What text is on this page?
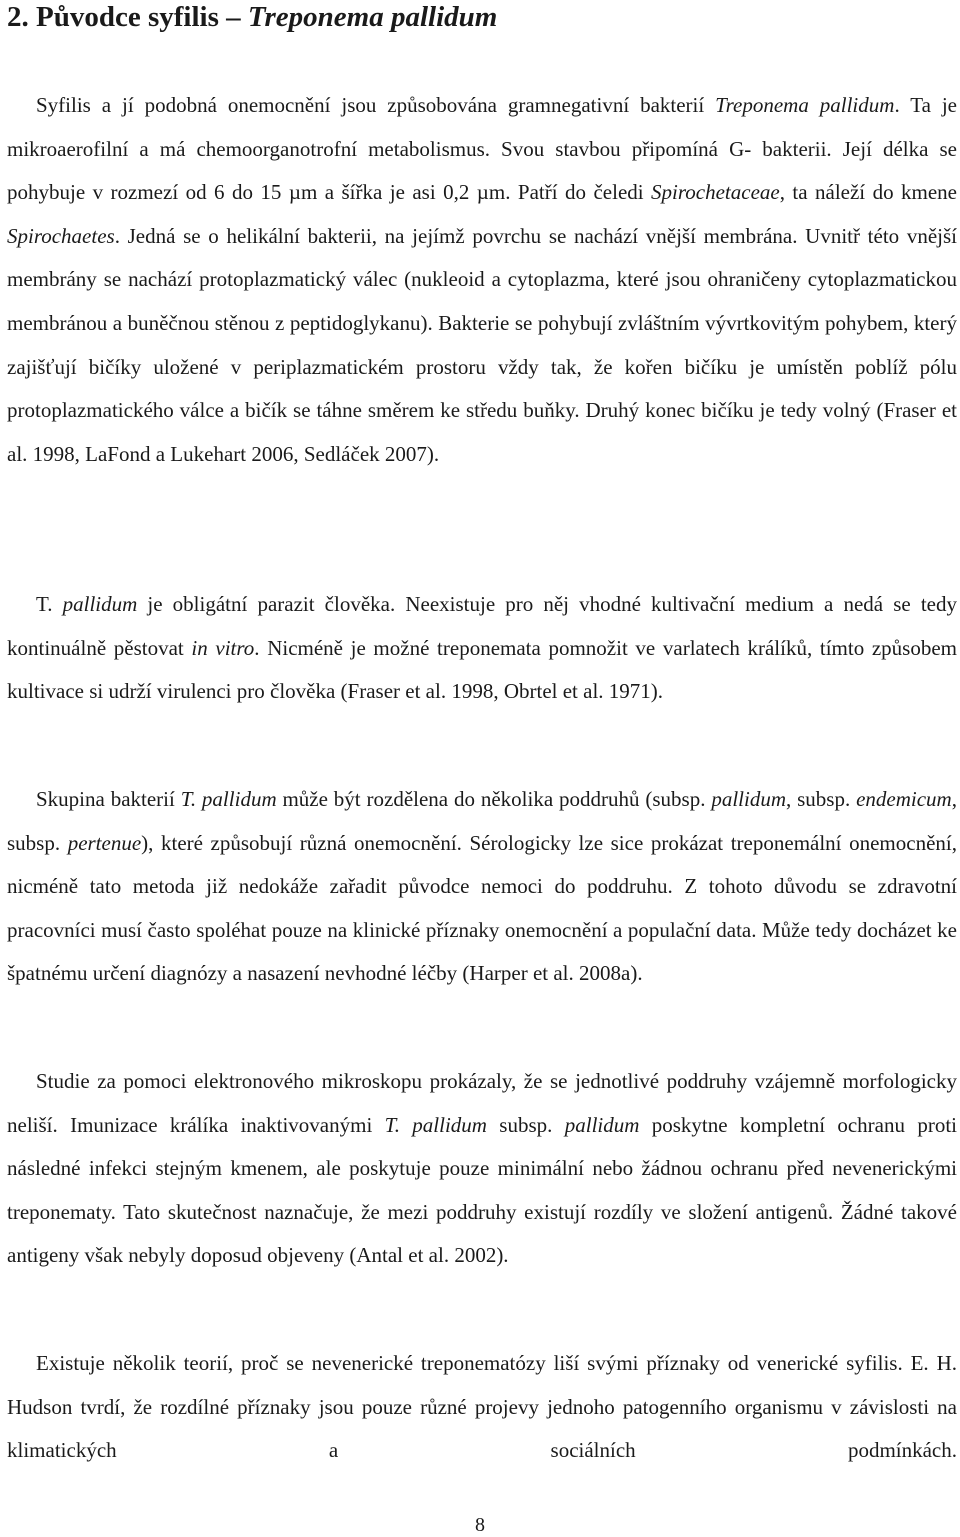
2. Původce syfilis – Treponema pallidum

Syfilis a jí podobná onemocnění jsou způsobována gramnegativní bakterií Treponema pallidum. Ta je mikroaerofilní a má chemoorganotrofní metabolismus. Svou stavbou připomíná G- bakterii. Její délka se pohybuje v rozmezí od 6 do 15 µm a šířka je asi 0,2 µm. Patří do čeledi Spirochetaceae, ta náleží do kmene Spirochaetes. Jedná se o helikální bakterii, na jejímž povrchu se nachází vnější membrána. Uvnitř této vnější membrány se nachází protoplazmatický válec (nukleoid a cytoplazma, které jsou ohraničeny cytoplazmatickou membránou a buněčnou stěnou z peptidoglykanu). Bakterie se pohybují zvláštním vývrtkovitým pohybem, který zajišťují bičíky uložené v periplazmatickém prostoru vždy tak, že kořen bičíku je umístěn poblíž pólu protoplazmatického válce a bičík se táhne směrem ke středu buňky. Druhý konec bičíku je tedy volný (Fraser et al. 1998, LaFond a Lukehart 2006, Sedláček 2007).

T. pallidum je obligátní parazit člověka. Neexistuje pro něj vhodné kultivační medium a nedá se tedy kontinuálně pěstovat in vitro. Nicméně je možné treponemata pomnožit ve varlatech králíků, tímto způsobem kultivace si udrží virulenci pro člověka (Fraser et al. 1998, Obrtel et al. 1971).

Skupina bakterií T. pallidum může být rozdělena do několika poddruhů (subsp. pallidum, subsp. endemicum, subsp. pertenue), které způsobují různá onemocnění. Sérologicky lze sice prokázat treponemální onemocnění, nicméně tato metoda již nedokáže zařadit původce nemoci do poddruhu. Z tohoto důvodu se zdravotní pracovníci musí často spoléhat pouze na klinické příznaky onemocnění a populační data. Může tedy docházet ke špatnému určení diagnózy a nasazení nevhodné léčby (Harper et al. 2008a).

Studie za pomoci elektronového mikroskopu prokázaly, že se jednotlivé poddruhy vzájemně morfologicky neliší. Imunizace králíka inaktivovanými T. pallidum subsp. pallidum poskytne kompletní ochranu proti následné infekci stejným kmenem, ale poskytuje pouze minimální nebo žádnou ochranu před nevenerickými treponematy. Tato skutečnost naznačuje, že mezi poddruhy existují rozdíly ve složení antigenů. Žádné takové antigeny však nebyly doposud objeveny (Antal et al. 2002).

Existuje několik teorií, proč se nevenerické treponematózy liší svými příznaky od venerické syfilis. E. H. Hudson tvrdí, že rozdílné příznaky jsou pouze různé projevy jednoho patogenního organismu v závislosti na klimatických a sociálních podmínkách.

8
